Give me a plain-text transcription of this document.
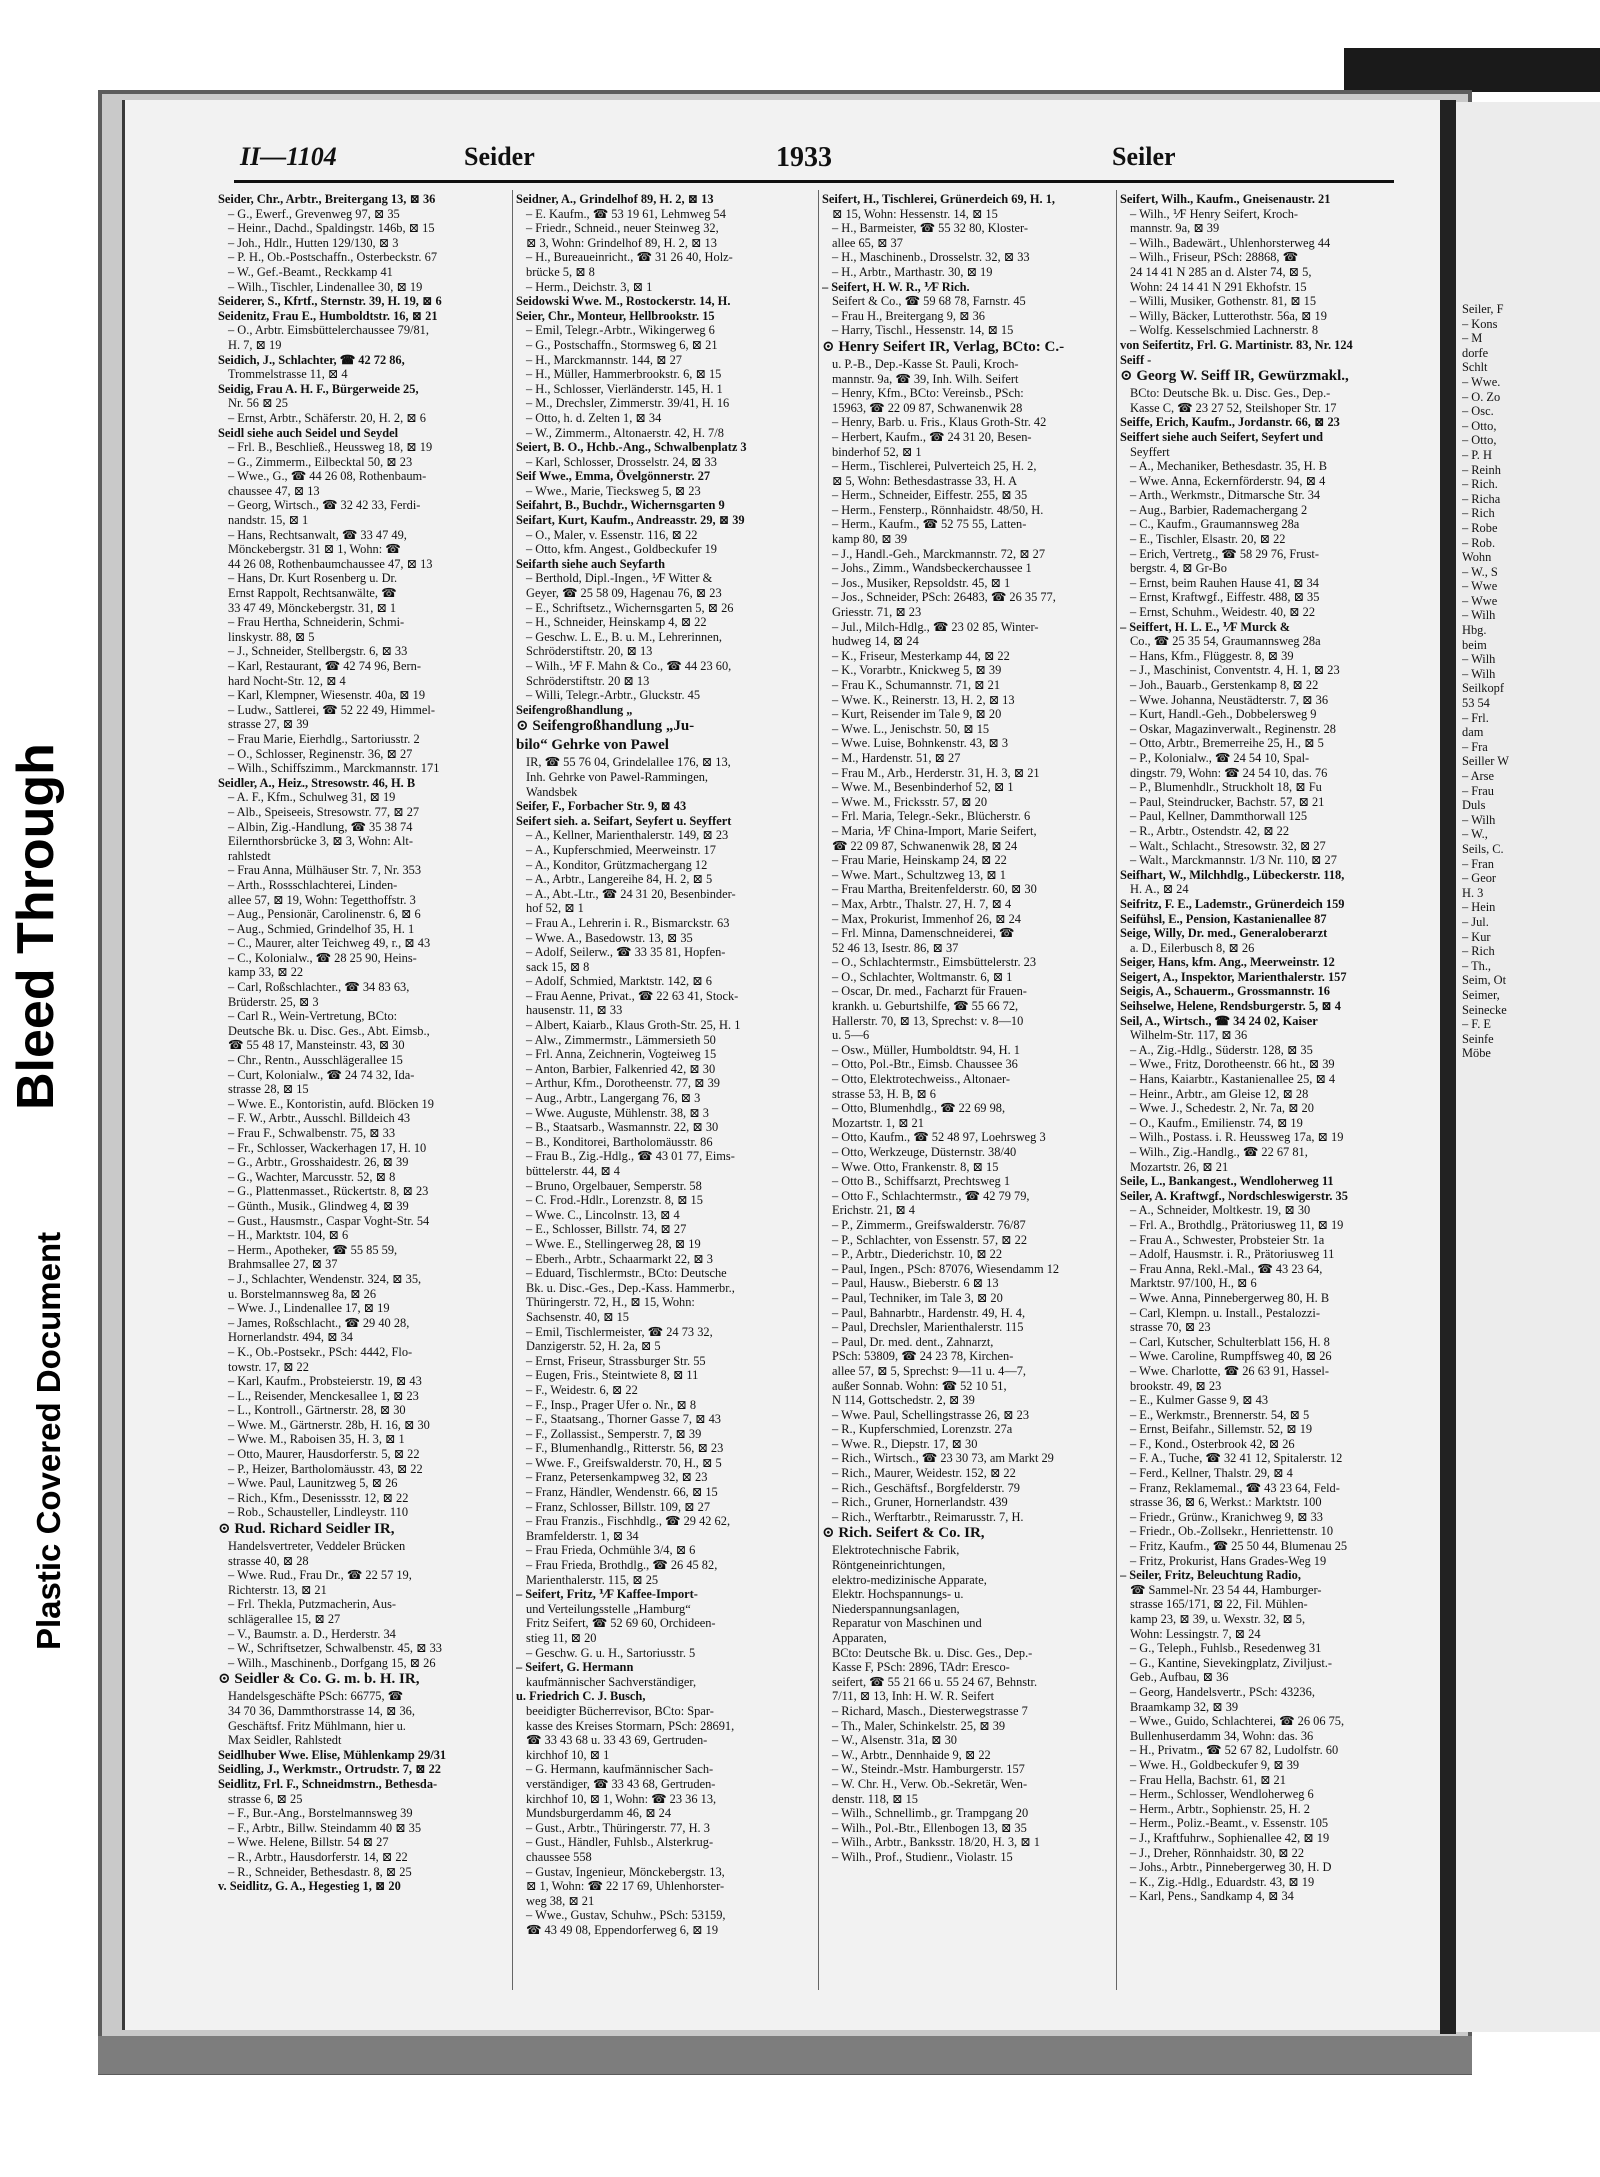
Bleed Through
Plastic Covered Document

Seiler, F

– Kons

– M

dorfe

Schlt

– Wwe.

– O. Zo

– Osc.

– Otto,

– Otto,

– P. H

– Reinh

– Rich.

– Richa

– Rich

– Robe

– Rob.

Wohn

– W., S

– Wwe

– Wwe

– Wilh

Hbg.

beim

– Wilh

– Wilh

Seilkopf

53 54

– Frl.

dam

– Fra

Seiller W

– Arse

– Frau

Duls

– Wilh

– W.,

Seils, C.

– Fran

– Geor

H. 3

– Hein

– Jul.

– Kur

– Rich

– Th.,

Seim, Ot

Seimer,

Seinecke

– F. E

Seinfe

Möbe

II—1104	Seider	1933	Seiler

Seider, Chr., Arbtr., Breitergang 13, ⊠ 36

– G., Ewerf., Grevenweg 97, ⊠ 35

– Heinr., Dachd., Spaldingstr. 146b, ⊠ 15

– Joh., Hdlr., Hutten 129/130, ⊠ 3

– P. H., Ob.-Postschaffn., Osterbeckstr. 67

– W., Gef.-Beamt., Reckkamp 41

– Wilh., Tischler, Lindenallee 30, ⊠ 19

Seiderer, S., Kfrtf., Sternstr. 39, H. 19, ⊠ 6

Seidenitz, Frau E., Humboldtstr. 16, ⊠ 21

– O., Arbtr. Eimsbüttelerchaussee 79/81,

H. 7, ⊠ 19

Seidich, J., Schlachter, ☎ 42 72 86,

Trommelstrasse 11, ⊠ 4

Seidig, Frau A. H. F., Bürgerweide 25,

Nr. 56 ⊠ 25

– Ernst, Arbtr., Schäferstr. 20, H. 2, ⊠ 6

Seidl siehe auch Seidel und Seydel

– Frl. B., Beschließ., Heussweg 18, ⊠ 19

– G., Zimmerm., Eilbecktal 50, ⊠ 23

– Wwe., G., ☎ 44 26 08, Rothenbaum-

chaussee 47, ⊠ 13

– Georg, Wirtsch., ☎ 32 42 33, Ferdi-

nandstr. 15, ⊠ 1

– Hans, Rechtsanwalt, ☎ 33 47 49,

Mönckebergstr. 31 ⊠ 1, Wohn: ☎

44 26 08, Rothenbaumchaussee 47, ⊠ 13

– Hans, Dr. Kurt Rosenberg u. Dr.

Ernst Rappolt, Rechtsanwälte, ☎

33 47 49, Mönckebergstr. 31, ⊠ 1

– Frau Hertha, Schneiderin, Schmi-

linskystr. 88, ⊠ 5

– J., Schneider, Stellbergstr. 6, ⊠ 33

– Karl, Restaurant, ☎ 42 74 96, Bern-

hard Nocht-Str. 12, ⊠ 4

– Karl, Klempner, Wiesenstr. 40a, ⊠ 19

– Ludw., Sattlerei, ☎ 52 22 49, Himmel-

strasse 27, ⊠ 39

– Frau Marie, Eierhdlg., Sartoriusstr. 2

– O., Schlosser, Reginenstr. 36, ⊠ 27

– Wilh., Schiffszimm., Marckmannstr. 171

Seidler, A., Heiz., Stresowstr. 46, H. B

– A. F., Kfm., Schulweg 31, ⊠ 19

– Alb., Speiseeis, Stresowstr. 77, ⊠ 27

– Albin, Zig.-Handlung, ☎ 35 38 74

Eilernthorsbrücke 3, ⊠ 3, Wohn: Alt-

rahlstedt

– Frau Anna, Mülhäuser Str. 7, Nr. 353

– Arth., Rossschlachterei, Linden-

allee 57, ⊠ 19, Wohn: Tegetthoffstr. 3

– Aug., Pensionär, Carolinenstr. 6, ⊠ 6

– Aug., Schmied, Grindelhof 35, H. 1

– C., Maurer, alter Teichweg 49, r., ⊠ 43

– C., Kolonialw., ☎ 28 25 90, Heins-

kamp 33, ⊠ 22

– Carl, Roßschlachter., ☎ 34 83 63,

Brüderstr. 25, ⊠ 3

– Carl R., Wein-Vertretung, BCto:

Deutsche Bk. u. Disc. Ges., Abt. Eimsb.,

☎ 55 48 17, Mansteinstr. 43, ⊠ 30

– Chr., Rentn., Ausschlägerallee 15

– Curt, Kolonialw., ☎ 24 74 32, Ida-

strasse 28, ⊠ 15

– Wwe. E., Kontoristin, aufd. Blöcken 19

– F. W., Arbtr., Ausschl. Billdeich 43

– Frau F., Schwalbenstr. 75, ⊠ 33

– Fr., Schlosser, Wackerhagen 17, H. 10

– G., Arbtr., Grosshaidestr. 26, ⊠ 39

– G., Wachter, Marcusstr. 52, ⊠ 8

– G., Plattenmasset., Rückertstr. 8, ⊠ 23

– Günth., Musik., Glindweg 4, ⊠ 39

– Gust., Hausmstr., Caspar Voght-Str. 54

– H., Marktstr. 104, ⊠ 6

– Herm., Apotheker, ☎ 55 85 59,

Brahmsallee 27, ⊠ 37

– J., Schlachter, Wendenstr. 324, ⊠ 35,

u. Borstelmannsweg 8a, ⊠ 26

– Wwe. J., Lindenallee 17, ⊠ 19

– James, Roßschlacht., ☎ 29 40 28,

Hornerlandstr. 494, ⊠ 34

– K., Ob.-Postsekr., PSch: 4442, Flo-

towstr. 17, ⊠ 22

– Karl, Kaufm., Probsteierstr. 19, ⊠ 43

– L., Reisender, Menckesallee 1, ⊠ 23

– L., Kontroll., Gärtnerstr. 28, ⊠ 30

– Wwe. M., Gärtnerstr. 28b, H. 16, ⊠ 30

– Wwe. M., Raboisen 35, H. 3, ⊠ 1

– Otto, Maurer, Hausdorferstr. 5, ⊠ 22

– P., Heizer, Bartholomäusstr. 43, ⊠ 22

– Wwe. Paul, Launitzweg 5, ⊠ 26

– Rich., Kfm., Desenissstr. 12, ⊠ 22

– Rob., Schausteller, Lindleystr. 110

⊙ Rud. Richard Seidler IR,

Handelsvertreter, Veddeler Brücken

strasse 40, ⊠ 28

– Wwe. Rud., Frau Dr., ☎ 22 57 19,

Richterstr. 13, ⊠ 21

– Frl. Thekla, Putzmacherin, Aus-

schlägerallee 15, ⊠ 27

– V., Baumstr. a. D., Herderstr. 34

– W., Schriftsetzer, Schwalbenstr. 45, ⊠ 33

– Wilh., Maschinenb., Dorfgang 15, ⊠ 26

⊙ Seidler & Co. G. m. b. H. IR,

Handelsgeschäfte PSch: 66775, ☎

34 70 36, Dammthorstrasse 14, ⊠ 36,

Geschäftsf. Fritz Mühlmann, hier u.

Max Seidler, Rahlstedt

Seidlhuber Wwe. Elise, Mühlenkamp 29/31

Seidling, J., Werkmstr., Ortrudstr. 7, ⊠ 22

Seidlitz, Frl. F., Schneidmstrn., Bethesda-

strasse 6, ⊠ 25

– F., Bur.-Ang., Borstelmannsweg 39

– F., Arbtr., Billw. Steindamm 40 ⊠ 35

– Wwe. Helene, Billstr. 54 ⊠ 27

– R., Arbtr., Hausdorferstr. 14, ⊠ 22

– R., Schneider, Bethesdastr. 8, ⊠ 25

v. Seidlitz, G. A., Hegestieg 1, ⊠ 20

Seidner, A., Grindelhof 89, H. 2, ⊠ 13

– E. Kaufm., ☎ 53 19 61, Lehmweg 54

– Friedr., Schneid., neuer Steinweg 32,

⊠ 3, Wohn: Grindelhof 89, H. 2, ⊠ 13

– H., Bureaueinricht., ☎ 31 26 40, Holz-

brücke 5, ⊠ 8

– Herm., Deichstr. 3, ⊠ 1

Seidowski Wwe. M., Rostockerstr. 14, H.

Seier, Chr., Monteur, Hellbrookstr. 15

– Emil, Telegr.-Arbtr., Wikingerweg 6

– G., Postschaffn., Stormsweg 6, ⊠ 21

– H., Marckmannstr. 144, ⊠ 27

– H., Müller, Hammerbrookstr. 6, ⊠ 15

– H., Schlosser, Vierländerstr. 145, H. 1

– M., Drechsler, Zimmerstr. 39/41, H. 16

– Otto, h. d. Zelten 1, ⊠ 34

– W., Zimmerm., Altonaerstr. 42, H. 7/8

Seiert, B. O., Hchb.-Ang., Schwalbenplatz 3

– Karl, Schlosser, Drosselstr. 24, ⊠ 33

Seif Wwe., Emma, Övelgönnerstr. 27

– Wwe., Marie, Tiecksweg 5, ⊠ 23

Seifahrt, B., Buchdr., Wichernsgarten 9

Seifart, Kurt, Kaufm., Andreasstr. 29, ⊠ 39

– O., Maler, v. Essenstr. 116, ⊠ 22

– Otto, kfm. Angest., Goldbeckufer 19

Seifarth siehe auch Seyfarth

– Berthold, Dipl.-Ingen., ⅟F Witter &

Geyer, ☎ 25 58 09, Hagenau 76, ⊠ 23

– E., Schriftsetz., Wichernsgarten 5, ⊠ 26

– H., Schneider, Heinskamp 4, ⊠ 22

– Geschw. L. E., B. u. M., Lehrerinnen,

Schröderstiftstr. 20, ⊠ 13

– Wilh., ⅟F F. Mahn & Co., ☎ 44 23 60,

Schröderstiftstr. 20 ⊠ 13

– Willi, Telegr.-Arbtr., Gluckstr. 45

Seifengroßhandlung „

⊙ Seifengroßhandlung „Ju-

bilo“ Gehrke von Pawel

IR, ☎ 55 76 04, Grindelallee 176, ⊠ 13,

Inh. Gehrke von Pawel-Rammingen,

Wandsbek

Seifer, F., Forbacher Str. 9, ⊠ 43

Seifert sieh. a. Seifart, Seyfert u. Seyffert

– A., Kellner, Marienthalerstr. 149, ⊠ 23

– A., Kupferschmied, Meerweinstr. 17

– A., Konditor, Grützmachergang 12

– A., Arbtr., Langereihe 84, H. 2, ⊠ 5

– A., Abt.-Ltr., ☎ 24 31 20, Besenbinder-

hof 52, ⊠ 1

– Frau A., Lehrerin i. R., Bismarckstr. 63

– Wwe. A., Basedowstr. 13, ⊠ 35

– Adolf, Seilerw., ☎ 33 35 81, Hopfen-

sack 15, ⊠ 8

– Adolf, Schmied, Marktstr. 142, ⊠ 6

– Frau Aenne, Privat., ☎ 22 63 41, Stock-

hausenstr. 11, ⊠ 33

– Albert, Kaiarb., Klaus Groth-Str. 25, H. 1

– Alw., Zimmermstr., Lämmersieth 50

– Frl. Anna, Zeichnerin, Vogteiweg 15

– Anton, Barbier, Falkenried 42, ⊠ 30

– Arthur, Kfm., Dorotheenstr. 77, ⊠ 39

– Aug., Arbtr., Langergang 76, ⊠ 3

– Wwe. Auguste, Mühlenstr. 38, ⊠ 3

– B., Staatsarb., Wasmannstr. 22, ⊠ 30

– B., Konditorei, Bartholomäusstr. 86

– Frau B., Zig.-Hdlg., ☎ 43 01 77, Eims-

büttelerstr. 44, ⊠ 4

– Bruno, Orgelbauer, Semperstr. 58

– C. Frod.-Hdlr., Lorenzstr. 8, ⊠ 15

– Wwe. C., Lincolnstr. 13, ⊠ 4

– E., Schlosser, Billstr. 74, ⊠ 27

– Wwe. E., Stellingerweg 28, ⊠ 19

– Eberh., Arbtr., Schaarmarkt 22, ⊠ 3

– Eduard, Tischlermstr., BCto: Deutsche

Bk. u. Disc.-Ges., Dep.-Kass. Hammerbr.,

Thüringerstr. 72, H., ⊠ 15, Wohn:

Sachsenstr. 40, ⊠ 15

– Emil, Tischlermeister, ☎ 24 73 32,

Danzigerstr. 52, H. 2a, ⊠ 5

– Ernst, Friseur, Strassburger Str. 55

– Eugen, Fris., Steintwiete 8, ⊠ 11

– F., Weidestr. 6, ⊠ 22

– F., Insp., Prager Ufer o. Nr., ⊠ 8

– F., Staatsang., Thorner Gasse 7, ⊠ 43

– F., Zollassist., Semperstr. 7, ⊠ 39

– F., Blumenhandlg., Ritterstr. 56, ⊠ 23

– Wwe. F., Greifswalderstr. 70, H., ⊠ 5

– Franz, Petersenkampweg 32, ⊠ 23

– Franz, Händler, Wendenstr. 66, ⊠ 15

– Franz, Schlosser, Billstr. 109, ⊠ 27

– Frau Franzis., Fischhdlg., ☎ 29 42 62,

Bramfelderstr. 1, ⊠ 34

– Frau Frieda, Ochmühle 3/4, ⊠ 6

– Frau Frieda, Brothdlg., ☎ 26 45 82,

Marienthalerstr. 115, ⊠ 25

– Seifert, Fritz, ⅟F Kaffee-Import-

und Verteilungsstelle „Hamburg“

Fritz Seifert, ☎ 52 69 60, Orchideen-

stieg 11, ⊠ 20

– Geschw. G. u. H., Sartoriusstr. 5

– Seifert, G. Hermann

kaufmännischer Sachverständiger,

u. Friedrich C. J. Busch,

beeidigter Bücherrevisor, BCto: Spar-

kasse des Kreises Stormarn, PSch: 28691,

☎ 33 43 68 u. 33 43 69, Gertruden-

kirchhof 10, ⊠ 1

– G. Hermann, kaufmännischer Sach-

verständiger, ☎ 33 43 68, Gertruden-

kirchhof 10, ⊠ 1, Wohn: ☎ 23 36 13,

Mundsburgerdamm 46, ⊠ 24

– Gust., Arbtr., Thüringerstr. 77, H. 3

– Gust., Händler, Fuhlsb., Alsterkrug-

chaussee 558

– Gustav, Ingenieur, Mönckebergstr. 13,

⊠ 1, Wohn: ☎ 22 17 69, Uhlenhorster-

weg 38, ⊠ 21

– Wwe., Gustav, Schuhw., PSch: 53159,

☎ 43 49 08, Eppendorferweg 6, ⊠ 19

Seifert, H., Tischlerei, Grünerdeich 69, H. 1,

⊠ 15, Wohn: Hessenstr. 14, ⊠ 15

– H., Barmeister, ☎ 55 32 80, Kloster-

allee 65, ⊠ 37

– H., Maschinenb., Drosselstr. 32, ⊠ 33

– H., Arbtr., Marthastr. 30, ⊠ 19

– Seifert, H. W. R., ⅟F Rich.

Seifert & Co., ☎ 59 68 78, Farnstr. 45

– Frau H., Breitergang 9, ⊠ 36

– Harry, Tischl., Hessenstr. 14, ⊠ 15

⊙ Henry Seifert IR, Verlag, BCto: C.-

u. P.-B., Dep.-Kasse St. Pauli, Kroch-

mannstr. 9a, ☎ 39, Inh. Wilh. Seifert

– Henry, Kfm., BCto: Vereinsb., PSch:

15963, ☎ 22 09 87, Schwanenwik 28

– Henry, Barb. u. Fris., Klaus Groth-Str. 42

– Herbert, Kaufm., ☎ 24 31 20, Besen-

binderhof 52, ⊠ 1

– Herm., Tischlerei, Pulverteich 25, H. 2,

⊠ 5, Wohn: Bethesdastrasse 33, H. A

– Herm., Schneider, Eiffestr. 255, ⊠ 35

– Herm., Fensterp., Rönnhaidstr. 48/50, H.

– Herm., Kaufm., ☎ 52 75 55, Latten-

kamp 80, ⊠ 39

– J., Handl.-Geh., Marckmannstr. 72, ⊠ 27

– Johs., Zimm., Wandsbeckerchaussee 1

– Jos., Musiker, Repsoldstr. 45, ⊠ 1

– Jos., Schneider, PSch: 26483, ☎ 26 35 77,

Griesstr. 71, ⊠ 23

– Jul., Milch-Hdlg., ☎ 23 02 85, Winter-

hudweg 14, ⊠ 24

– K., Friseur, Mesterkamp 44, ⊠ 22

– K., Vorarbtr., Knickweg 5, ⊠ 39

– Frau K., Schumannstr. 71, ⊠ 21

– Wwe. K., Reinerstr. 13, H. 2, ⊠ 13

– Kurt, Reisender im Tale 9, ⊠ 20

– Wwe. L., Jenischstr. 50, ⊠ 15

– Wwe. Luise, Bohnkenstr. 43, ⊠ 3

– M., Hardenstr. 51, ⊠ 27

– Frau M., Arb., Herderstr. 31, H. 3, ⊠ 21

– Wwe. M., Besenbinderhof 52, ⊠ 1

– Wwe. M., Fricksstr. 57, ⊠ 20

– Frl. Maria, Telegr.-Sekr., Blücherstr. 6

– Maria, ⅟F China-Import, Marie Seifert,

☎ 22 09 87, Schwanenwik 28, ⊠ 24

– Frau Marie, Heinskamp 24, ⊠ 22

– Wwe. Mart., Schultzweg 13, ⊠ 1

– Frau Martha, Breitenfelderstr. 60, ⊠ 30

– Max, Arbtr., Thalstr. 27, H. 7, ⊠ 4

– Max, Prokurist, Immenhof 26, ⊠ 24

– Frl. Minna, Damenschneiderei, ☎

52 46 13, Isestr. 86, ⊠ 37

– O., Schlachtermstr., Eimsbüttelerstr. 23

– O., Schlachter, Woltmanstr. 6, ⊠ 1

– Oscar, Dr. med., Facharzt für Frauen-

krankh. u. Geburtshilfe, ☎ 55 66 72,

Hallerstr. 70, ⊠ 13, Sprechst: v. 8—10

u. 5—6

– Osw., Müller, Humboldtstr. 94, H. 1

– Otto, Pol.-Btr., Eimsb. Chaussee 36

– Otto, Elektrotechweiss., Altonaer-

strasse 53, H. B, ⊠ 6

– Otto, Blumenhdlg., ☎ 22 69 98,

Mozartstr. 1, ⊠ 21

– Otto, Kaufm., ☎ 52 48 97, Loehrsweg 3

– Otto, Werkzeuge, Düsternstr. 38/40

– Wwe. Otto, Frankenstr. 8, ⊠ 15

– Otto B., Schiffsarzt, Prechtsweg 1

– Otto F., Schlachtermstr., ☎ 42 79 79,

Erichstr. 21, ⊠ 4

– P., Zimmerm., Greifswalderstr. 76/87

– P., Schlachter, von Essenstr. 57, ⊠ 22

– P., Arbtr., Diederichstr. 10, ⊠ 22

– Paul, Ingen., PSch: 87076, Wiesendamm 12

– Paul, Hausw., Bieberstr. 6 ⊠ 13

– Paul, Techniker, im Tale 3, ⊠ 20

– Paul, Bahnarbtr., Hardenstr. 49, H. 4,

– Paul, Drechsler, Marienthalerstr. 115

– Paul, Dr. med. dent., Zahnarzt,

PSch: 53809, ☎ 24 23 78, Kirchen-

allee 57, ⊠ 5, Sprechst: 9—11 u. 4—7,

außer Sonnab. Wohn: ☎ 52 10 51,

N 114, Gottschedstr. 2, ⊠ 39

– Wwe. Paul, Schellingstrasse 26, ⊠ 23

– R., Kupferschmied, Lorenzstr. 27a

– Wwe. R., Diepstr. 17, ⊠ 30

– Rich., Wirtsch., ☎ 23 30 73, am Markt 29

– Rich., Maurer, Weidestr. 152, ⊠ 22

– Rich., Geschäftsf., Borgfelderstr. 79

– Rich., Gruner, Hornerlandstr. 439

– Rich., Werftarbtr., Reimarusstr. 7, H.

⊙ Rich. Seifert & Co. IR,

Elektrotechnische Fabrik,

Röntgeneinrichtungen,

elektro-medizinische Apparate,

Elektr. Hochspannungs- u.

Niederspannungsanlagen,

Reparatur von Maschinen und

Apparaten,

BCto: Deutsche Bk. u. Disc. Ges., Dep.-

Kasse F, PSch: 2896, TAdr: Eresco-

seifert, ☎ 55 21 66 u. 55 24 67, Behnstr.

7/11, ⊠ 13, Inh: H. W. R. Seifert

– Richard, Masch., Diesterwegstrasse 7

– Th., Maler, Schinkelstr. 25, ⊠ 39

– W., Alsenstr. 31a, ⊠ 30

– W., Arbtr., Dennhaide 9, ⊠ 22

– W., Steindr.-Mstr. Hamburgerstr. 157

– W. Chr. H., Verw. Ob.-Sekretär, Wen-

denstr. 118, ⊠ 15

– Wilh., Schnellimb., gr. Trampgang 20

– Wilh., Pol.-Btr., Ellenbogen 13, ⊠ 35

– Wilh., Arbtr., Banksstr. 18/20, H. 3, ⊠ 1

– Wilh., Prof., Studienr., Violastr. 15

Seifert, Wilh., Kaufm., Gneisenaustr. 21

– Wilh., ⅟F Henry Seifert, Kroch-

mannstr. 9a, ⊠ 39

– Wilh., Badewärt., Uhlenhorsterweg 44

– Wilh., Friseur, PSch: 28868, ☎

24 14 41 N 285 an d. Alster 74, ⊠ 5,

Wohn: 24 14 41 N 291 Ekhofstr. 15

– Willi, Musiker, Gothenstr. 81, ⊠ 15

– Willy, Bäcker, Lutterothstr. 56a, ⊠ 19

– Wolfg. Kesselschmied Lachnerstr. 8

von Seifertitz, Frl. G. Martinistr. 83, Nr. 124

Seiff -

⊙ Georg W. Seiff IR, Gewürzmakl.,

BCto: Deutsche Bk. u. Disc. Ges., Dep.-

Kasse C, ☎ 23 27 52, Steilshoper Str. 17

Seiffe, Erich, Kaufm., Jordanstr. 66, ⊠ 23

Seiffert siehe auch Seifert, Seyfert und

Seyffert

– A., Mechaniker, Bethesdastr. 35, H. B

– Wwe. Anna, Eckernförderstr. 94, ⊠ 4

– Arth., Werkmstr., Ditmarsche Str. 34

– Aug., Barbier, Rademachergang 2

– C., Kaufm., Graumannsweg 28a

– E., Tischler, Elsastr. 20, ⊠ 22

– Erich, Vertretg., ☎ 58 29 76, Frust-

bergstr. 4, ⊠ Gr-Bo

– Ernst, beim Rauhen Hause 41, ⊠ 34

– Ernst, Kraftwgf., Eiffestr. 488, ⊠ 35

– Ernst, Schuhm., Weidestr. 40, ⊠ 22

– Seiffert, H. L. E., ⅟F Murck &

Co., ☎ 25 35 54, Graumannsweg 28a

– Hans, Kfm., Flüggestr. 8, ⊠ 39

– J., Maschinist, Conventstr. 4, H. 1, ⊠ 23

– Joh., Bauarb., Gerstenkamp 8, ⊠ 22

– Wwe. Johanna, Neustädterstr. 7, ⊠ 36

– Kurt, Handl.-Geh., Dobbelersweg 9

– Oskar, Magazinverwalt., Reginenstr. 28

– Otto, Arbtr., Bremerreihe 25, H., ⊠ 5

– P., Kolonialw., ☎ 24 54 10, Spal-

dingstr. 79, Wohn: ☎ 24 54 10, das. 76

– P., Blumenhdlr., Struckholt 18, ⊠ Fu

– Paul, Steindrucker, Bachstr. 57, ⊠ 21

– Paul, Kellner, Dammthorwall 125

– R., Arbtr., Ostendstr. 42, ⊠ 22

– Walt., Schlacht., Stresowstr. 32, ⊠ 27

– Walt., Marckmannstr. 1/3 Nr. 110, ⊠ 27

Seifhart, W., Milchhdlg., Lübeckerstr. 118,

H. A., ⊠ 24

Seifritz, F. E., Lademstr., Grünerdeich 159

Seifühsl, E., Pension, Kastanienallee 87

Seige, Willy, Dr. med., Generaloberarzt

a. D., Eilerbusch 8, ⊠ 26

Seiger, Hans, kfm. Ang., Meerweinstr. 12

Seigert, A., Inspektor, Marienthalerstr. 157

Seigis, A., Schauerm., Grossmannstr. 16

Seihselwe, Helene, Rendsburgerstr. 5, ⊠ 4

Seil, A., Wirtsch., ☎ 34 24 02, Kaiser

Wilhelm-Str. 117, ⊠ 36

– A., Zig.-Hdlg., Süderstr. 128, ⊠ 35

– Wwe., Fritz, Dorotheenstr. 66 ht., ⊠ 39

– Hans, Kaiarbtr., Kastanienallee 25, ⊠ 4

– Heinr., Arbtr., am Gleise 12, ⊠ 28

– Wwe. J., Schedestr. 2, Nr. 7a, ⊠ 20

– O., Kaufm., Emilienstr. 74, ⊠ 19

– Wilh., Postass. i. R. Heussweg 17a, ⊠ 19

– Wilh., Zig.-Handlg., ☎ 22 67 81,

Mozartstr. 26, ⊠ 21

Seile, L., Bankangest., Wendloherweg 11

Seiler, A. Kraftwgf., Nordschleswigerstr. 35

– A., Schneider, Moltkestr. 19, ⊠ 30

– Frl. A., Brothdlg., Prätoriusweg 11, ⊠ 19

– Frau A., Schwester, Probsteier Str. 1a

– Adolf, Hausmstr. i. R., Prätoriusweg 11

– Frau Anna, Rekl.-Mal., ☎ 43 23 64,

Marktstr. 97/100, H., ⊠ 6

– Wwe. Anna, Pinnebergerweg 80, H. B

– Carl, Klempn. u. Install., Pestalozzi-

strasse 70, ⊠ 23

– Carl, Kutscher, Schulterblatt 156, H. 8

– Wwe. Caroline, Rumpffsweg 40, ⊠ 26

– Wwe. Charlotte, ☎ 26 63 91, Hassel-

brookstr. 49, ⊠ 23

– E., Kulmer Gasse 9, ⊠ 43

– E., Werkmstr., Brennerstr. 54, ⊠ 5

– Ernst, Beifahr., Sillemstr. 52, ⊠ 19

– F., Kond., Osterbrook 42, ⊠ 26

– F. A., Tuche, ☎ 32 41 12, Spitalerstr. 12

– Ferd., Kellner, Thalstr. 29, ⊠ 4

– Franz, Reklamemal., ☎ 43 23 64, Feld-

strasse 36, ⊠ 6, Werkst.: Marktstr. 100

– Friedr., Grünw., Kranichweg 9, ⊠ 33

– Friedr., Ob.-Zollsekr., Henriettenstr. 10

– Fritz, Kaufm., ☎ 25 50 44, Blumenau 25

– Fritz, Prokurist, Hans Grades-Weg 19

– Seiler, Fritz, Beleuchtung Radio,

☎ Sammel-Nr. 23 54 44, Hamburger-

strasse 165/171, ⊠ 22, Fil. Mühlen-

kamp 23, ⊠ 39, u. Wexstr. 32, ⊠ 5,

Wohn: Lessingstr. 7, ⊠ 24

– G., Teleph., Fuhlsb., Resedenweg 31

– G., Kantine, Sievekingplatz, Ziviljust.-

Geb., Aufbau, ⊠ 36

– Georg, Handelsvertr., PSch: 43236,

Braamkamp 32, ⊠ 39

– Wwe., Guido, Schlachterei, ☎ 26 06 75,

Bullenhuserdamm 34, Wohn: das. 36

– H., Privatm., ☎ 52 67 82, Ludolfstr. 60

– Wwe. H., Goldbeckufer 9, ⊠ 39

– Frau Hella, Bachstr. 61, ⊠ 21

– Herm., Schlosser, Wendloherweg 6

– Herm., Arbtr., Sophienstr. 25, H. 2

– Herm., Poliz.-Beamt., v. Essenstr. 105

– J., Kraftfuhrw., Sophienallee 42, ⊠ 19

– J., Dreher, Rönnhaidstr. 30, ⊠ 22

– Johs., Arbtr., Pinnebergerweg 30, H. D

– K., Zig.-Hdlg., Eduardstr. 43, ⊠ 19

– Karl, Pens., Sandkamp 4, ⊠ 34
